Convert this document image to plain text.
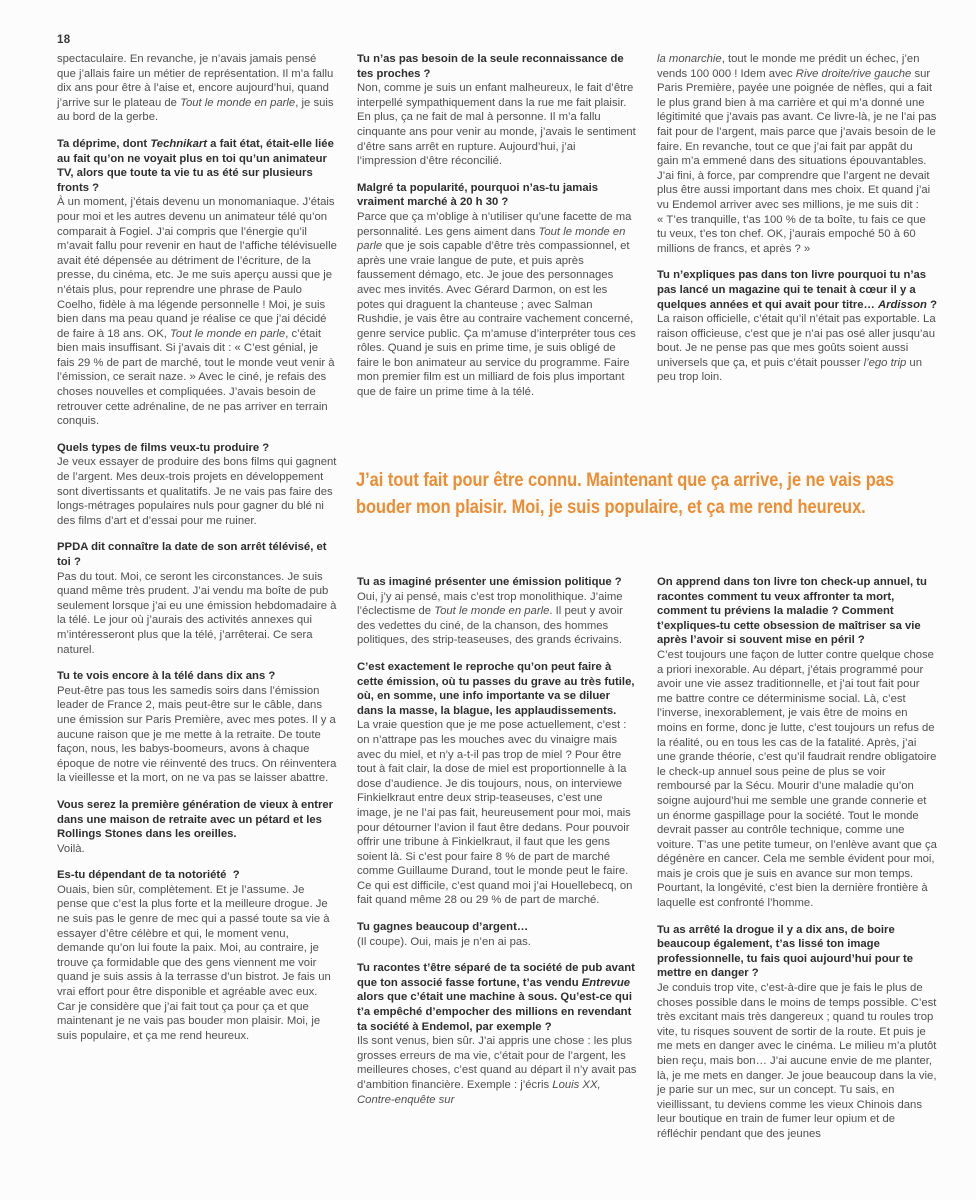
18

spectaculaire. En revanche, je n’avais jamais pensé que j’allais faire un métier de représentation. Il m’a fallu dix ans pour être à l’aise et, encore aujourd’hui, quand j’arrive sur le plateau de Tout le monde en parle, je suis au bord de la gerbe.

Ta déprime, dont Technikart a fait état, était-elle liée au fait qu’on ne voyait plus en toi qu’un animateur TV, alors que toute ta vie tu as été sur plusieurs fronts ?

À un moment, j’étais devenu un monomaniaque. J’étais pour moi et les autres devenu un animateur télé qu’on comparait à Fogiel. J’ai compris que l’énergie qu’il m’avait fallu pour revenir en haut de l’affiche télévisuelle avait été dépensée au détriment de l’écriture, de la presse, du cinéma, etc. Je me suis aperçu aussi que je n’étais plus, pour reprendre une phrase de Paulo Coelho, fidèle à ma légende personnelle ! Moi, je suis bien dans ma peau quand je réalise ce que j’ai décidé de faire à 18 ans. OK, Tout le monde en parle, c’était bien mais insuffisant. Si j’avais dit : « C’est génial, je fais 29 % de part de marché, tout le monde veut venir à l’émission, ce serait naze. » Avec le ciné, je refais des choses nouvelles et compliquées. J’avais besoin de retrouver cette adrénaline, de ne pas arriver en terrain conquis.

Quels types de films veux-tu produire ?

Je veux essayer de produire des bons films qui gagnent de l’argent. Mes deux-trois projets en développement sont divertissants et qualitatifs. Je ne vais pas faire des longs-métrages populaires nuls pour gagner du blé ni des films d’art et d’essai pour me ruiner.

PPDA dit connaître la date de son arrêt télévisé, et toi ?

Pas du tout. Moi, ce seront les circonstances. Je suis quand même très prudent. J’ai vendu ma boîte de pub seulement lorsque j’ai eu une émission hebdomadaire à la télé. Le jour où j’aurais des activités annexes qui m’intéresseront plus que la télé, j’arrêterai. Ce sera naturel.

Tu te vois encore à la télé dans dix ans ?

Peut-être pas tous les samedis soirs dans l’émission leader de France 2, mais peut-être sur le câble, dans une émission sur Paris Première, avec mes potes. Il y a aucune raison que je me mette à la retraite. De toute façon, nous, les babys-boomeurs, avons à chaque époque de notre vie réinventé des trucs. On réinventera la vieillesse et la mort, on ne va pas se laisser abattre.

Vous serez la première génération de vieux à entrer dans une maison de retraite avec un pétard et les Rollings Stones dans les oreilles.

Voilà.

Es-tu dépendant de ta notoriété  ?

Ouais, bien sûr, complètement. Et je l’assume. Je pense que c’est la plus forte et la meilleure drogue. Je ne suis pas le genre de mec qui a passé toute sa vie à essayer d’être célèbre et qui, le moment venu, demande qu’on lui foute la paix. Moi, au contraire, je trouve ça formidable que des gens viennent me voir quand je suis assis à la terrasse d’un bistrot. Je fais un vrai effort pour être disponible et agréable avec eux. Car je considère que j’ai fait tout ça pour ça et que maintenant je ne vais pas bouder mon plaisir. Moi, je suis populaire, et ça me rend heureux.

Tu n’as pas besoin de la seule reconnaissance de tes proches ?

Non, comme je suis un enfant malheureux, le fait d’être interpellé sympathiquement dans la rue me fait plaisir. En plus, ça ne fait de mal à personne. Il m’a fallu cinquante ans pour venir au monde, j’avais le sentiment d’être sans arrêt en rupture. Aujourd’hui, j’ai l’impression d’être réconcilié.

Malgré ta popularité, pourquoi n’as-tu jamais vraiment marché à 20 h 30 ?

Parce que ça m’oblige à n’utiliser qu’une facette de ma personnalité. Les gens aiment dans Tout le monde en parle que je sois capable d’être très compassionnel, et après une vraie langue de pute, et puis après faussement démago, etc. Je joue des personnages avec mes invités. Avec Gérard Darmon, on est les potes qui draguent la chanteuse ; avec Salman Rushdie, je vais être au contraire vachement concerné, genre service public. Ça m’amuse d’interpréter tous ces rôles. Quand je suis en prime time, je suis obligé de faire le bon animateur au service du programme. Faire mon premier film est un milliard de fois plus important que de faire un prime time à la télé.

la monarchie, tout le monde me prédit un échec, j’en vends 100 000 ! Idem avec Rive droite/rive gauche sur Paris Première, payée une poignée de nèfles, qui a fait le plus grand bien à ma carrière et qui m’a donné une légitimité que j’avais pas avant. Ce livre-là, je ne l’ai pas fait pour de l’argent, mais parce que j’avais besoin de le faire. En revanche, tout ce que j’ai fait par appât du gain m’a emmené dans des situations épouvantables. J’ai fini, à force, par comprendre que l’argent ne devait plus être aussi important dans mes choix. Et quand j’ai vu Endemol arriver avec ses millions, je me suis dit : « T’es tranquille, t’as 100 % de ta boîte, tu fais ce que tu veux, t’es ton chef. OK, j’aurais empoché 50 à 60 millions de francs, et après ? »

Tu n’expliques pas dans ton livre pourquoi tu n’as pas lancé un magazine qui te tenait à cœur il y a quelques années et qui avait pour titre… Ardisson ?

La raison officielle, c’était qu’il n’était pas exportable. La raison officieuse, c’est que je n’ai pas osé aller jusqu’au bout. Je ne pense pas que mes goûts soient aussi universels que ça, et puis c’était pousser l’ego trip un peu trop loin.

J’ai tout fait pour être connu. Maintenant que ça arrive, je ne vais pas
bouder mon plaisir. Moi, je suis populaire, et ça me rend heureux.

Tu as imaginé présenter une émission politique ?

Oui, j’y ai pensé, mais c’est trop monolithique. J’aime l’éclectisme de Tout le monde en parle. Il peut y avoir des vedettes du ciné, de la chanson, des hommes politiques, des strip-teaseuses, des grands écrivains.

C’est exactement le reproche qu’on peut faire à cette émission, où tu passes du grave au très futile, où, en somme, une info importante va se diluer dans la masse, la blague, les applaudissements.

La vraie question que je me pose actuellement, c’est : on n’attrape pas les mouches avec du vinaigre mais avec du miel, et n’y a-t-il pas trop de miel ? Pour être tout à fait clair, la dose de miel est proportionnelle à la dose d’audience. Je dis toujours, nous, on interviewe Finkielkraut entre deux strip-teaseuses, c’est une image, je ne l’ai pas fait, heureusement pour moi, mais pour détourner l’avion il faut être dedans. Pour pouvoir offrir une tribune à Finkielkraut, il faut que les gens soient là. Si c’est pour faire 8 % de part de marché comme Guillaume Durand, tout le monde peut le faire. Ce qui est difficile, c’est quand moi j’ai Houellebecq, on fait quand même 28 ou 29 % de part de marché.

Tu gagnes beaucoup d’argent…

(Il coupe). Oui, mais je n’en ai pas.

Tu racontes t’être séparé de ta société de pub avant que ton associé fasse fortune, t’as vendu Entrevue alors que c’était une machine à sous. Qu’est-ce qui t’a empêché d’empocher des millions en revendant ta société à Endemol, par exemple ?

Ils sont venus, bien sûr. J’ai appris une chose : les plus grosses erreurs de ma vie, c’était pour de l’argent, les meilleures choses, c’est quand au départ il n’y avait pas d’ambition financière. Exemple : j’écris Louis XX, Contre-enquête sur

On apprend dans ton livre ton check-up annuel, tu racontes comment tu veux affronter ta mort, comment tu préviens la maladie ? Comment t’expliques-tu cette obsession de maîtriser sa vie après l’avoir si souvent mise en péril ?

C’est toujours une façon de lutter contre quelque chose a priori inexorable. Au départ, j’étais programmé pour avoir une vie assez traditionnelle, et j’ai tout fait pour me battre contre ce déterminisme social. Là, c’est l’inverse, inexorablement, je vais être de moins en moins en forme, donc je lutte, c’est toujours un refus de la réalité, ou en tous les cas de la fatalité. Après, j’ai une grande théorie, c’est qu’il faudrait rendre obligatoire le check-up annuel sous peine de plus se voir remboursé par la Sécu. Mourir d’une maladie qu’on soigne aujourd’hui me semble une grande connerie et un énorme gaspillage pour la société. Tout le monde devrait passer au contrôle technique, comme une voiture. T’as une petite tumeur, on l’enlève avant que ça dégénère en cancer. Cela me semble évident pour moi, mais je crois que je suis en avance sur mon temps. Pourtant, la longévité, c’est bien la dernière frontière à laquelle est confronté l’homme.

Tu as arrêté la drogue il y a dix ans, de boire beaucoup également, t’as lissé ton image professionnelle, tu fais quoi aujourd’hui pour te mettre en danger ?

Je conduis trop vite, c’est-à-dire que je fais le plus de choses possible dans le moins de temps possible. C’est très excitant mais très dangereux ; quand tu roules trop vite, tu risques souvent de sortir de la route. Et puis je me mets en danger avec le cinéma. Le milieu m’a plutôt bien reçu, mais bon… J’ai aucune envie de me planter, là, je me mets en danger. Je joue beaucoup dans la vie, je parie sur un mec, sur un concept. Tu sais, en vieillissant, tu deviens comme les vieux Chinois dans leur boutique en train de fumer leur opium et de réfléchir pendant que des jeunes
